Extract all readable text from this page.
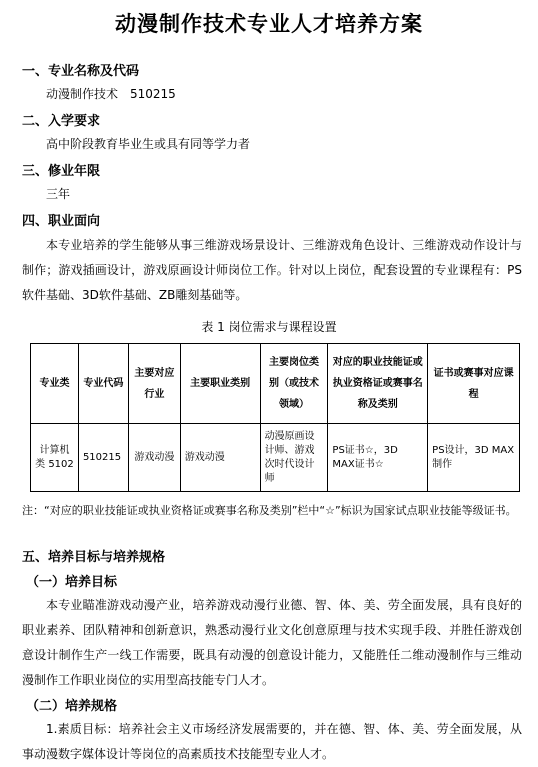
动漫制作技术专业人才培养方案
一、专业名称及代码
动漫制作技术　510215
二、入学要求
高中阶段教育毕业生或具有同等学力者
三、修业年限
三年
四、职业面向
本专业培养的学生能够从事三维游戏场景设计、三维游戏角色设计、三维游戏动作设计与制作；游戏插画设计，游戏原画设计师岗位工作。针对以上岗位，配套设置的专业课程有：PS软件基础、3D软件基础、ZB雕刻基础等。
表 1 岗位需求与课程设置
专业类	专业代码	主要对应行业	主要职业类别	主要岗位类别（或技术领域）	对应的职业技能证或执业资格证或赛事名称及类别	证书或赛事对应课程
计算机类 5102	510215	游戏动漫	游戏动漫	动漫原画设计师、游戏次时代设计师	PS证书☆，3D MAX证书☆	PS设计，3D MAX制作
注：“对应的职业技能证或执业资格证或赛事名称及类别”栏中“☆”标识为国家试点职业技能等级证书。
五、培养目标与培养规格
（一）培养目标
本专业瞄准游戏动漫产业，培养游戏动漫行业德、智、体、美、劳全面发展，具有良好的职业素养、团队精神和创新意识，熟悉动漫行业文化创意原理与技术实现手段、并胜任游戏创意设计制作生产一线工作需要，既具有动漫的创意设计能力，又能胜任二维动漫制作与三维动漫制作工作职业岗位的实用型高技能专门人才。
（二）培养规格
1.素质目标：培养社会主义市场经济发展需要的，并在德、智、体、美、劳全面发展，从事动漫数字媒体设计等岗位的高素质技术技能型专业人才。
